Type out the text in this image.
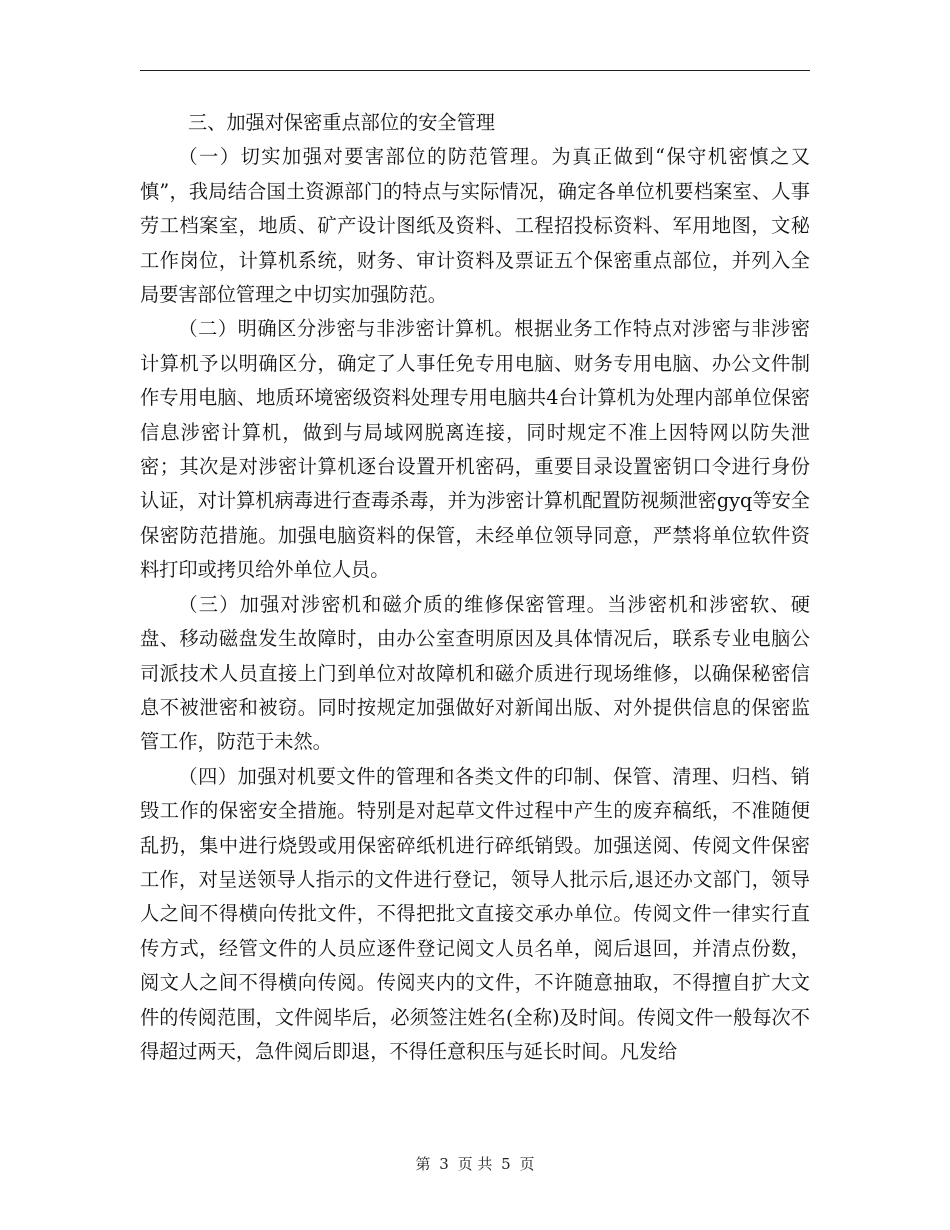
三、加强对保密重点部位的安全管理

（一）切实加强对要害部位的防范管理。为真正做到“保守机密慎之又慎”，我局结合国土资源部门的特点与实际情况，确定各单位机要档案室、人事劳工档案室，地质、矿产设计图纸及资料、工程招投标资料、军用地图，文秘工作岗位，计算机系统，财务、审计资料及票证五个保密重点部位，并列入全局要害部位管理之中切实加强防范。

（二）明确区分涉密与非涉密计算机。根据业务工作特点对涉密与非涉密计算机予以明确区分，确定了人事任免专用电脑、财务专用电脑、办公文件制作专用电脑、地质环境密级资料处理专用电脑共4台计算机为处理内部单位保密信息涉密计算机，做到与局域网脱离连接，同时规定不准上因特网以防失泄密；其次是对涉密计算机逐台设置开机密码，重要目录设置密钥口令进行身份认证，对计算机病毒进行查毒杀毒，并为涉密计算机配置防视频泄密gyq等安全保密防范措施。加强电脑资料的保管，未经单位领导同意，严禁将单位软件资料打印或拷贝给外单位人员。

（三）加强对涉密机和磁介质的维修保密管理。当涉密机和涉密软、硬盘、移动磁盘发生故障时，由办公室查明原因及具体情况后，联系专业电脑公司派技术人员直接上门到单位对故障机和磁介质进行现场维修，以确保秘密信息不被泄密和被窃。同时按规定加强做好对新闻出版、对外提供信息的保密监管工作，防范于未然。

（四）加强对机要文件的管理和各类文件的印制、保管、清理、归档、销毁工作的保密安全措施。特别是对起草文件过程中产生的废弃稿纸，不准随便乱扔，集中进行烧毁或用保密碎纸机进行碎纸销毁。加强送阅、传阅文件保密工作，对呈送领导人指示的文件进行登记，领导人批示后,退还办文部门，领导人之间不得横向传批文件，不得把批文直接交承办单位。传阅文件一律实行直传方式，经管文件的人员应逐件登记阅文人员名单，阅后退回，并清点份数，阅文人之间不得横向传阅。传阅夹内的文件，不许随意抽取，不得擅自扩大文件的传阅范围，文件阅毕后，必须签注姓名(全称)及时间。传阅文件一般每次不得超过两天，急件阅后即退，不得任意积压与延长时间。凡发给

第 3 页 共 5 页
